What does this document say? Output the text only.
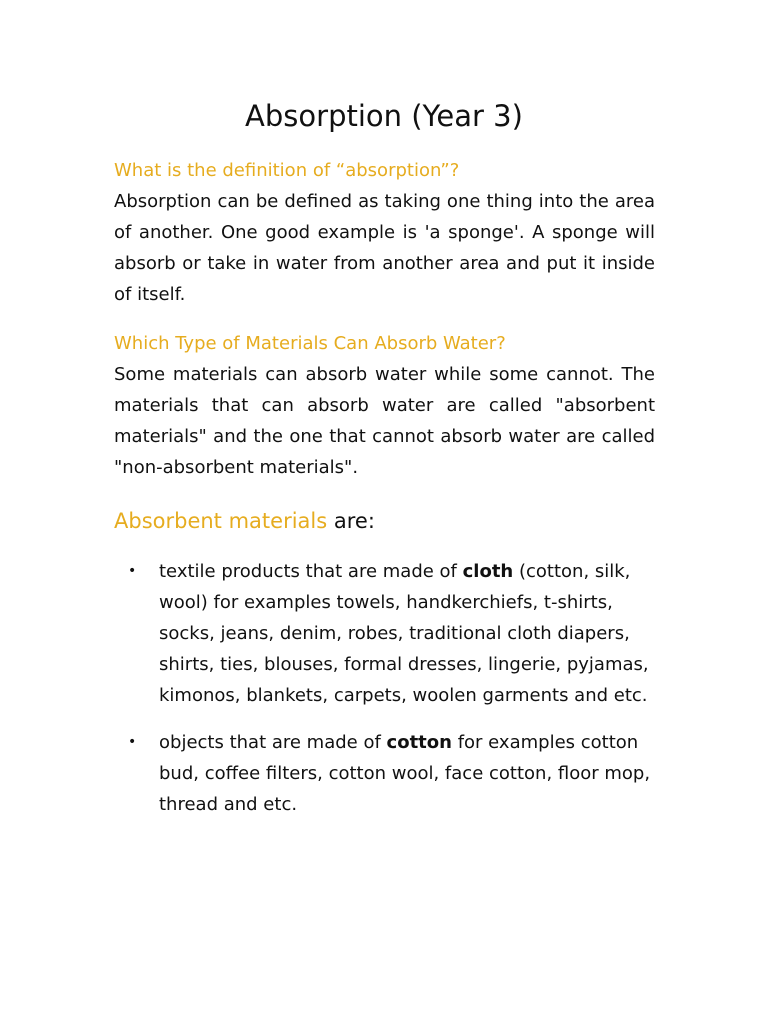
Absorption (Year 3)
What is the definition of “absorption”?

Absorption can be defined as taking one thing into the area of another. One good example is 'a sponge'. A sponge will absorb or take in water from another area and put it inside of itself.

Which Type of Materials Can Absorb Water?

Some materials can absorb water while some cannot. The materials that can absorb water are called "absorbent materials" and the one that cannot absorb water are called "non-absorbent materials".

Absorbent materials are:
• textile products that are made of cloth (cotton, silk, wool) for examples towels, handkerchiefs, t-shirts, socks, jeans, denim, robes, traditional cloth diapers, shirts, ties, blouses, formal dresses, lingerie, pyjamas, kimonos, blankets, carpets, woolen garments and etc.
• objects that are made of cotton for examples cotton bud, coffee filters, cotton wool, face cotton, floor mop, thread and etc.
